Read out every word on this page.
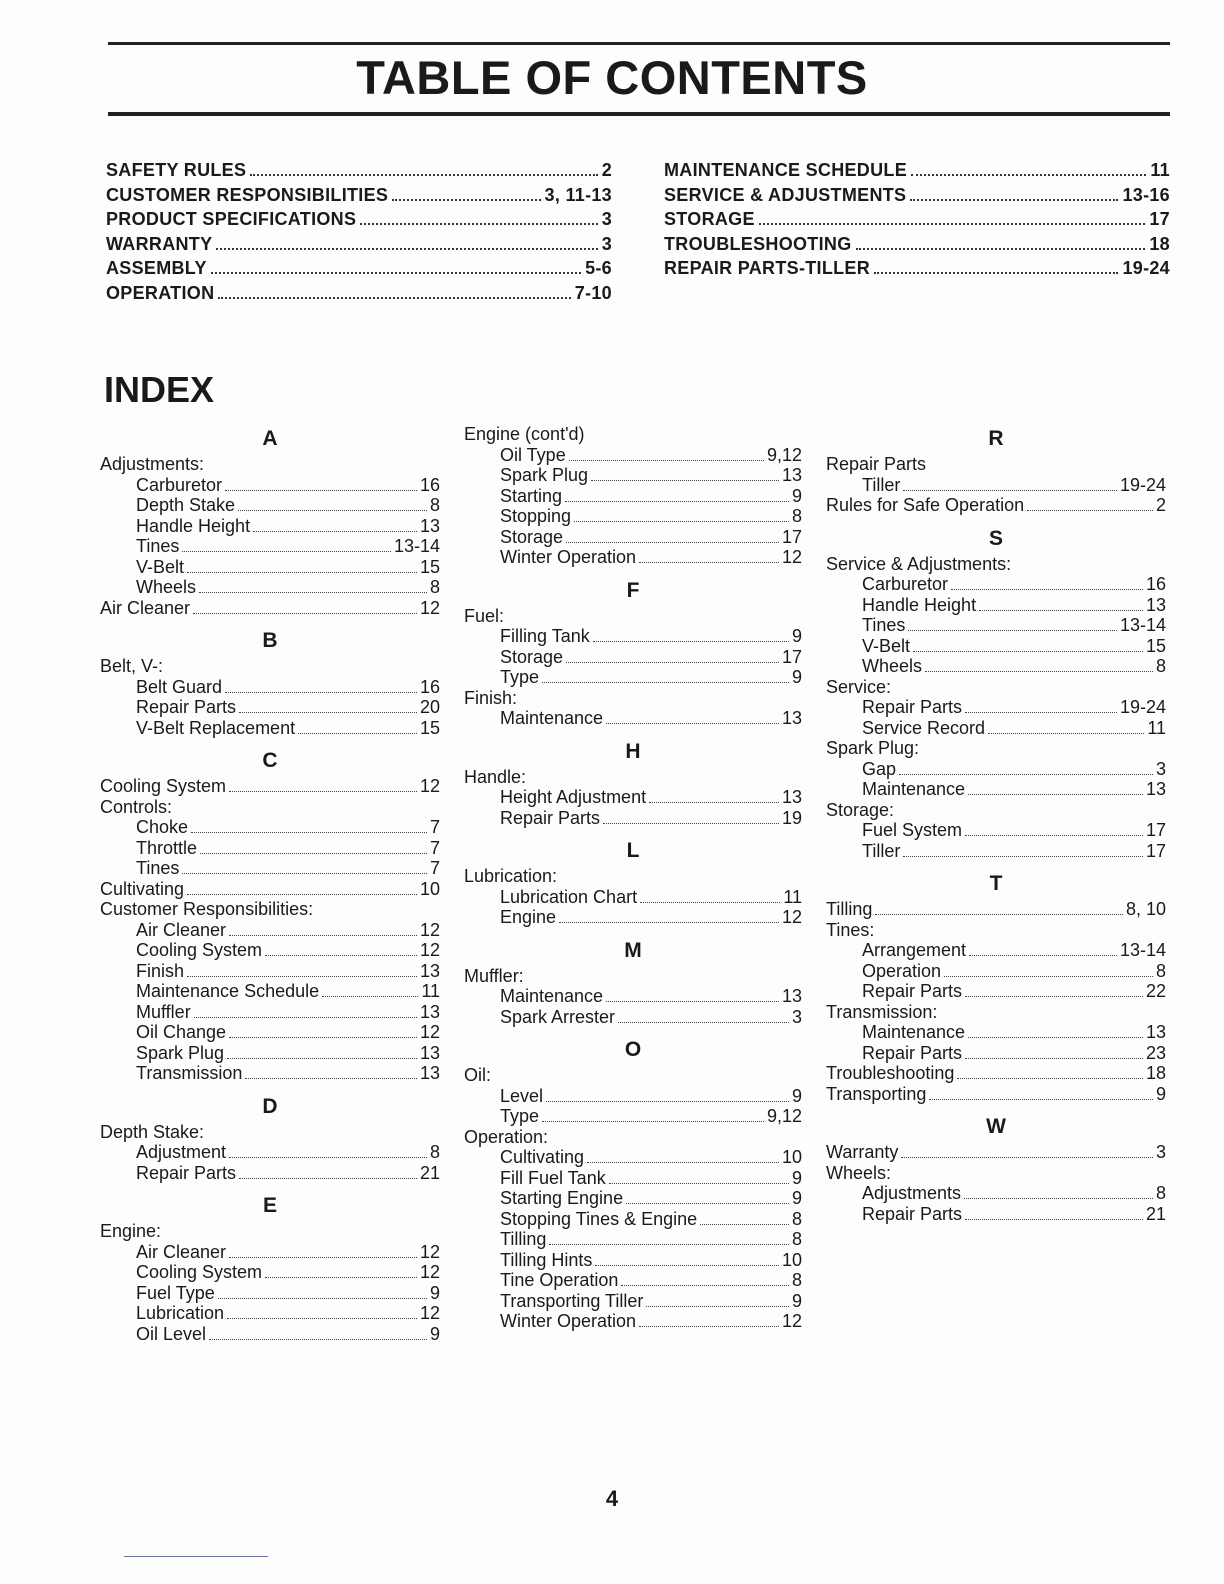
TABLE OF CONTENTS
SAFETY RULES	2
CUSTOMER RESPONSIBILITIES	3, 11-13
PRODUCT SPECIFICATIONS	3
WARRANTY	3
ASSEMBLY	5-6
OPERATION	7-10
MAINTENANCE SCHEDULE	11
SERVICE & ADJUSTMENTS	13-16
STORAGE	17
TROUBLESHOOTING	18
REPAIR PARTS-TILLER	19-24
INDEX
A
Adjustments:
Carburetor	16
Depth Stake	8
Handle Height	13
Tines	13-14
V-Belt	15
Wheels	8
Air Cleaner	12
B
Belt, V-:
Belt Guard	16
Repair Parts	20
V-Belt Replacement	15
C
Cooling System	12
Controls:
Choke	7
Throttle	7
Tines	7
Cultivating	10
Customer Responsibilities:
Air Cleaner	12
Cooling System	12
Finish	13
Maintenance Schedule	11
Muffler	13
Oil Change	12
Spark Plug	13
Transmission	13
D
Depth Stake:
Adjustment	8
Repair Parts	21
E
Engine:
Air Cleaner	12
Cooling System	12
Fuel Type	9
Lubrication	12
Oil Level	9
Engine (cont'd)
Oil Type	9,12
Spark Plug	13
Starting	9
Stopping	8
Storage	17
Winter Operation	12
F
Fuel:
Filling Tank	9
Storage	17
Type	9
Finish:
Maintenance	13
H
Handle:
Height Adjustment	13
Repair Parts	19
L
Lubrication:
Lubrication Chart	11
Engine	12
M
Muffler:
Maintenance	13
Spark Arrester	3
O
Oil:
Level	9
Type	9,12
Operation:
Cultivating	10
Fill Fuel Tank	9
Starting Engine	9
Stopping Tines & Engine	8
Tilling	8
Tilling Hints	10
Tine Operation	8
Transporting Tiller	9
Winter Operation	12
R
Repair Parts
Tiller	19-24
Rules for Safe Operation	2
S
Service & Adjustments:
Carburetor	16
Handle Height	13
Tines	13-14
V-Belt	15
Wheels	8
Service:
Repair Parts	19-24
Service Record	11
Spark Plug:
Gap	3
Maintenance	13
Storage:
Fuel System	17
Tiller	17
T
Tilling	8, 10
Tines:
Arrangement	13-14
Operation	8
Repair Parts	22
Transmission:
Maintenance	13
Repair Parts	23
Troubleshooting	18
Transporting	9
W
Warranty	3
Wheels:
Adjustments	8
Repair Parts	21
4
